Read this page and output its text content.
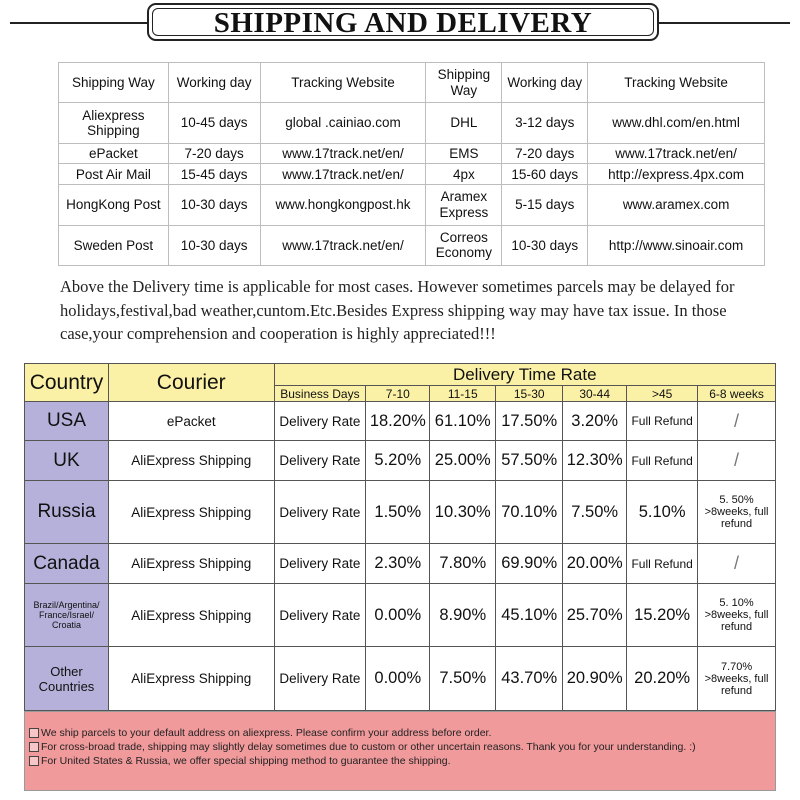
SHIPPING AND DELIVERY
Shipping Way	Working day	Tracking Website	Shipping Way	Working day	Tracking Website
Aliexpress Shipping	10-45 days	global .cainiao.com	DHL	3-12 days	www.dhl.com/en.html
ePacket	7-20 days	www.17track.net/en/	EMS	7-20 days	www.17track.net/en/
Post Air Mail	15-45 days	www.17track.net/en/	4px	15-60 days	http://express.4px.com
HongKong Post	10-30 days	www.hongkongpost.hk	Aramex Express	5-15 days	www.aramex.com
Sweden Post	10-30 days	www.17track.net/en/	Correos Economy	10-30 days	http://www.sinoair.com
Above the Delivery time is applicable for most cases. However sometimes parcels may be delayed for holidays,festival,bad weather,cuntom.Etc.Besides Express shipping way may have tax issue. In those case,your comprehension and cooperation is highly appreciated!!!
Country	Courier	Delivery Time Rate						
		Business Days	7-10	11-15	15-30	30-44	>45	6-8 weeks
USA	ePacket	Delivery Rate	18.20%	61.10%	17.50%	3.20%	Full Refund	/
UK	AliExpress Shipping	Delivery Rate	5.20%	25.00%	57.50%	12.30%	Full Refund	/
Russia	AliExpress Shipping	Delivery Rate	1.50%	10.30%	70.10%	7.50%	5.10%	5. 50% >8weeks, full refund
Canada	AliExpress Shipping	Delivery Rate	2.30%	7.80%	69.90%	20.00%	Full Refund	/
Brazil/Argentina/ France/Israel/ Croatia	AliExpress Shipping	Delivery Rate	0.00%	8.90%	45.10%	25.70%	15.20%	5. 10% >8weeks, full refund
Other Countries	AliExpress Shipping	Delivery Rate	0.00%	7.50%	43.70%	20.90%	20.20%	7.70% >8weeks, full refund
We ship parcels to your default address on aliexpress. Please confirm your address before order.
For cross-broad trade, shipping may slightly delay sometimes due to custom or other uncertain reasons. Thank you for your understanding. :)
For United States & Russia, we offer special shipping method to guarantee the shipping.
